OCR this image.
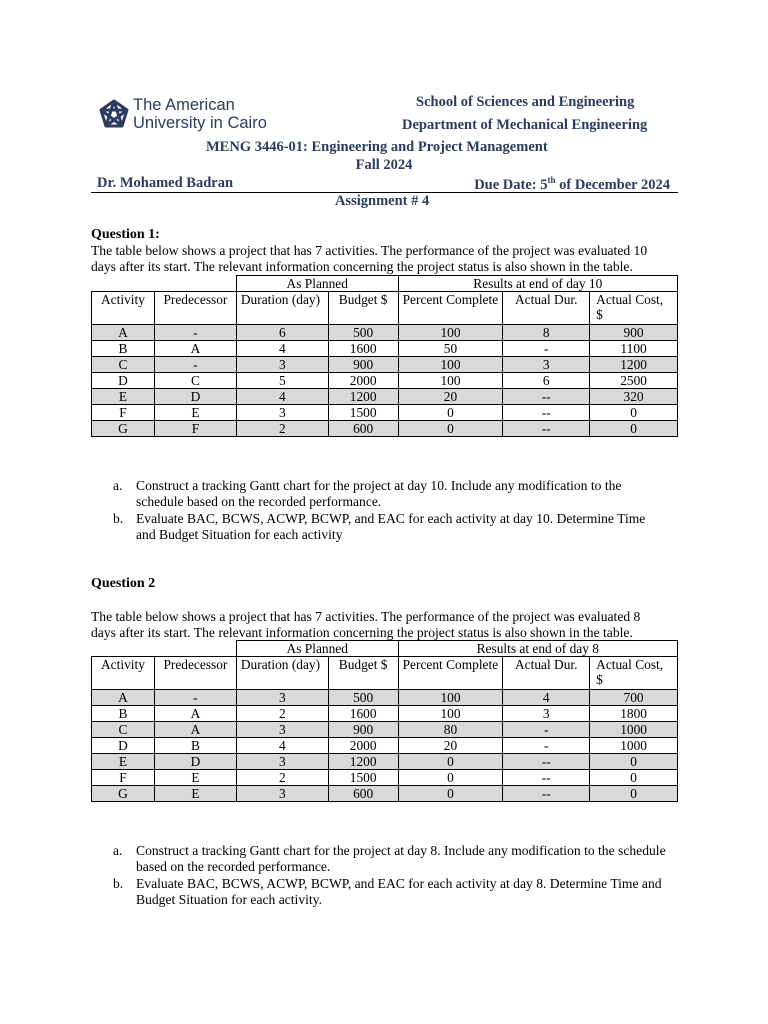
The American
University in Cairo
School of Sciences and Engineering
Department of Mechanical Engineering
MENG 3446-01: Engineering and Project Management
Fall 2024
Dr. Mohamed Badran	Due Date: 5th of December 2024
Assignment # 4
Question 1:
The table below shows a project that has 7 activities. The performance of the project was evaluated 10
days after its start. The relevant information concerning the project status is also shown in the table.
		As Planned		Results at end of day 10		
Activity	Predecessor	Duration (day)	Budget $	Percent Complete	Actual Dur.	Actual Cost, $
A	-	6	500	100	8	900
B	A	4	1600	50	-	1100
C	-	3	900	100	3	1200
D	C	5	2000	100	6	2500
E	D	4	1200	20	--	320
F	E	3	1500	0	--	0
G	F	2	600	0	--	0
a. Construct a tracking Gantt chart for the project at day 10. Include any modification to the
schedule based on the recorded performance.
b. Evaluate BAC, BCWS, ACWP, BCWP, and EAC for each activity at day 10. Determine Time
and Budget Situation for each activity
Question 2
The table below shows a project that has 7 activities. The performance of the project was evaluated 8
days after its start. The relevant information concerning the project status is also shown in the table.
		As Planned		Results at end of day 8		
Activity	Predecessor	Duration (day)	Budget $	Percent Complete	Actual Dur.	Actual Cost, $
A	-	3	500	100	4	700
B	A	2	1600	100	3	1800
C	A	3	900	80	-	1000
D	B	4	2000	20	-	1000
E	D	3	1200	0	--	0
F	E	2	1500	0	--	0
G	E	3	600	0	--	0
a. Construct a tracking Gantt chart for the project at day 8. Include any modification to the schedule
based on the recorded performance.
b. Evaluate BAC, BCWS, ACWP, BCWP, and EAC for each activity at day 8. Determine Time and
Budget Situation for each activity.
